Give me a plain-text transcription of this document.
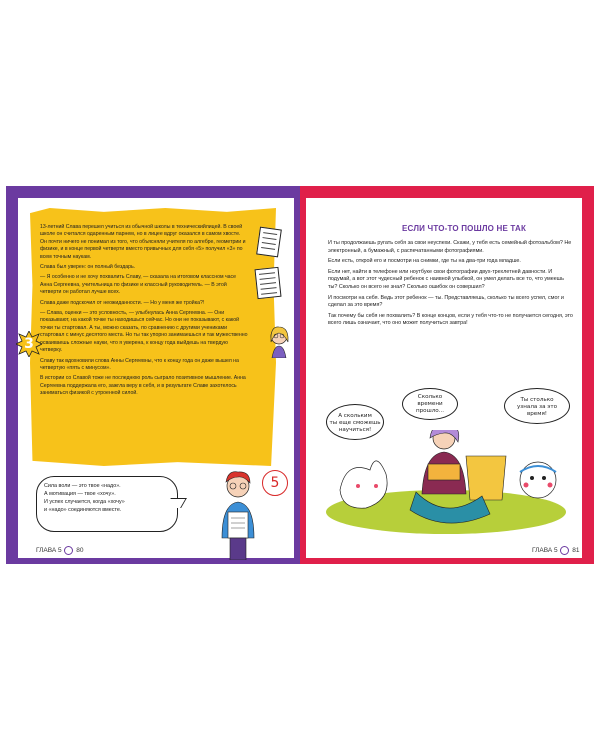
13-летний Слава перешел учиться из обычной школы в техническийлицей. В своей школе он считался одаренным парнем, но в лицее вдруг оказался в самом хвосте. Он почти ничего не понимал из того, что объясняли учителя по алгебре, геометрии и физике, и в конце первой четверти вместо привычных для себя «5» получил «3» по всем точным наукам.

Слава был уверен: он полный бездарь.

— Я особенно и не хочу похвалить Славу, — сказала на итоговом классном часе Анна Сергеевна, учительница по физике и классный руководитель. — В этой четверти он работал лучше всех.

Слава даже подскочил от неожиданности. — Но у меня же тройка?!

— Слава, оценки — это условность, — улыбнулась Анна Сергеевна. — Они показывают, на какой точке ты находишься сейчас. Но они не показывают, с какой точки ты стартовал. А ты, можно сказать, по сравнению с другими учениками стартовал с минус десятого места. Но ты так упорно занимаешься и так мужественно осваиваешь сложные науки, что я уверена, к концу года выйдешь на твердую четверку.

Славу так вдохновили слова Анны Сергеевны, что к концу года он даже вышел на четвертую «пять с минусом».

В истории со Славой тоже не последнюю роль сыграло позитивное мышление. Анна Сергеевна поддержала его, зажгла веру в себя, и в результате Славе захотелось заниматься физикой с утроенной силой.

3
Сила воли — это твое «надо».
А мотивация — твое «хочу».
И успех случается, когда «хочу»
и «надо» соединяются вместе.
5
ГЛАВА 5 80
ЕСЛИ ЧТО-ТО ПОШЛО НЕ ТАК

И ты продолжаешь ругать себя за свои неуспехи. Скажи, у тебя есть семейный фотоальбом? Не электронный, а бумажный, с распечатанными фотографиями.

Если есть, открой его и посмотри на снимки, где ты на два-три года младше.

Если нет, найти в телефоне или ноутбуке свои фотографии двух-трехлетней давности. И подумай, а вот этот чудесный ребенок с наивной улыбкой, он умел делать все то, что умеешь ты? Сколько он всего не знал? Сколько ошибок он совершил?

И посмотри на себя. Ведь этот ребенок — ты. Представляешь, сколько ты всего успел, смог и сделал за это время?

Так почему бы себя не похвалить? В конце концов, если у тебя что-то не получается сегодня, это всего лишь означает, что оно может получиться завтра!

А скольким
ты еще сможешь
научиться!
Сколько
времени
прошло...
Ты столько
узнала за это
время!
ГЛАВА 5 81
